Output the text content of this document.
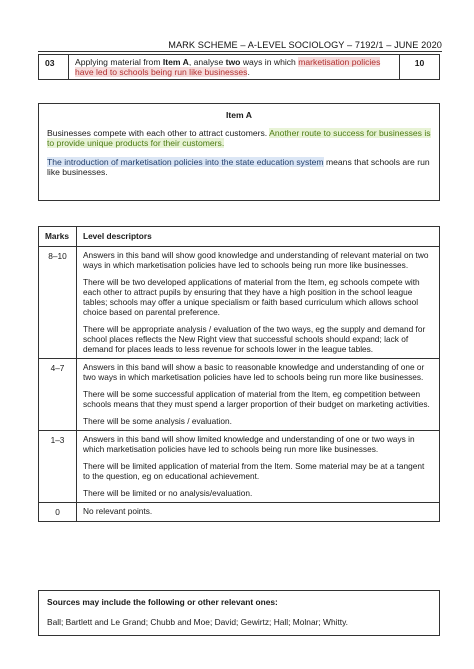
MARK SCHEME – A-LEVEL SOCIOLOGY – 7192/1 – JUNE 2020
03	Applying material from Item A, analyse two ways in which marketisation policies have led to schools being run like businesses.
10
Item A
Businesses compete with each other to attract customers. Another route to success for businesses is to provide unique products for their customers.
The introduction of marketisation policies into the state education system means that schools are run like businesses.
Marks	Level descriptors
8–10	Answers in this band will show good knowledge and understanding of relevant material on two ways in which marketisation policies have led to schools being run more like businesses.
There will be two developed applications of material from the Item, eg schools compete with each other to attract pupils by ensuring that they have a high position in the school league tables; schools may offer a unique specialism or faith based curriculum which allows school choice based on parental preference.
There will be appropriate analysis / evaluation of the two ways, eg the supply and demand for school places reflects the New Right view that successful schools should expand; lack of demand for places leads to less revenue for schools lower in the league tables.

4–7	Answers in this band will show a basic to reasonable knowledge and understanding of one or two ways in which marketisation policies have led to schools being run more like businesses.
There will be some successful application of material from the Item, eg competition between schools means that they must spend a larger proportion of their budget on marketing activities.
There will be some analysis / evaluation.

1–3	Answers in this band will show limited knowledge and understanding of one or two ways in which marketisation policies have led to schools being run more like businesses.
There will be limited application of material from the Item. Some material may be at a tangent to the question, eg on educational achievement.
There will be limited or no analysis/evaluation.

0	No relevant points.
Sources may include the following or other relevant ones:
Ball; Bartlett and Le Grand; Chubb and Moe; David; Gewirtz; Hall; Molnar; Whitty.
